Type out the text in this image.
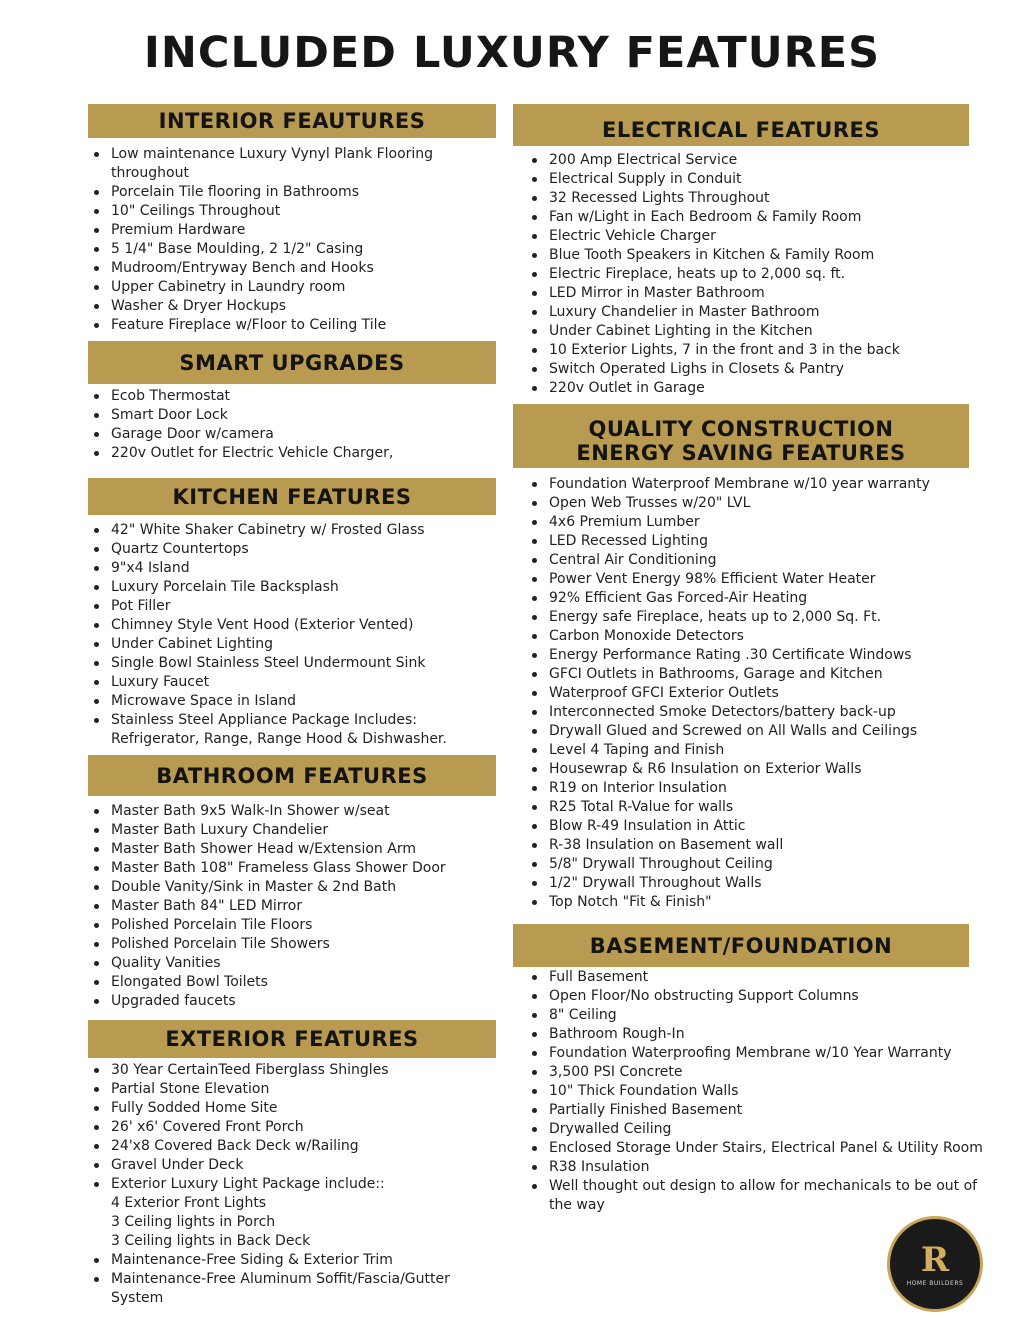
INCLUDED LUXURY FEATURES
INTERIOR FEAUTURES
Low maintenance Luxury Vynyl Plank Flooring
throughout
Porcelain Tile flooring in Bathrooms
10" Ceilings Throughout
Premium Hardware
5 1/4" Base Moulding, 2 1/2" Casing
Mudroom/Entryway Bench and Hooks
Upper Cabinetry in Laundry room
Washer & Dryer Hockups
Feature Fireplace w/Floor to Ceiling Tile
SMART UPGRADES
Ecob Thermostat
Smart Door Lock
Garage Door w/camera
220v Outlet for Electric Vehicle Charger,
KITCHEN FEATURES
42" White Shaker Cabinetry w/ Frosted Glass
Quartz Countertops
9"x4 Island
Luxury Porcelain Tile Backsplash
Pot Filler
Chimney Style Vent Hood (Exterior Vented)
Under Cabinet Lighting
Single Bowl Stainless Steel Undermount Sink
Luxury Faucet
Microwave Space in Island
Stainless Steel Appliance Package Includes:
Refrigerator, Range, Range Hood & Dishwasher.
BATHROOM FEATURES
Master Bath 9x5 Walk-In Shower w/seat
Master Bath Luxury Chandelier
Master Bath Shower Head w/Extension Arm
Master Bath 108" Frameless Glass Shower Door
Double Vanity/Sink in Master & 2nd Bath
Master Bath 84" LED Mirror
Polished Porcelain Tile Floors
Polished Porcelain Tile Showers
Quality Vanities
Elongated Bowl Toilets
Upgraded faucets
EXTERIOR FEATURES
30 Year CertainTeed Fiberglass Shingles
Partial Stone Elevation
Fully Sodded Home Site
26' x6' Covered Front Porch
24'x8 Covered Back Deck w/Railing
Gravel Under Deck
Exterior Luxury Light Package include::
4 Exterior Front Lights
3 Ceiling lights in Porch
3 Ceiling lights in Back Deck
Maintenance-Free Siding & Exterior Trim
Maintenance-Free Aluminum Soffit/Fascia/Gutter
System
ELECTRICAL FEATURES
200 Amp Electrical Service
Electrical Supply in Conduit
32 Recessed Lights Throughout
Fan w/Light in Each Bedroom & Family Room
Electric Vehicle Charger
Blue Tooth Speakers in Kitchen & Family Room
Electric Fireplace, heats up to 2,000 sq. ft.
LED Mirror in Master Bathroom
Luxury Chandelier in Master Bathroom
Under Cabinet Lighting in the Kitchen
10 Exterior Lights, 7 in the front and 3 in the back
Switch Operated Lighs in Closets & Pantry
220v Outlet in Garage
QUALITY CONSTRUCTION
ENERGY SAVING FEATURES
Foundation Waterproof Membrane w/10 year warranty
Open Web Trusses w/20" LVL
4x6 Premium Lumber
LED Recessed Lighting
Central Air Conditioning
Power Vent Energy 98% Efficient Water Heater
92% Efficient Gas Forced-Air Heating
Energy safe Fireplace, heats up to 2,000 Sq. Ft.
Carbon Monoxide Detectors
Energy Performance Rating .30 Certificate Windows
GFCI Outlets in Bathrooms, Garage and Kitchen
Waterproof GFCI Exterior Outlets
Interconnected Smoke Detectors/battery back-up
Drywall Glued and Screwed on All Walls and Ceilings
Level 4 Taping and Finish
Housewrap & R6 Insulation on Exterior Walls
R19 on Interior Insulation
R25 Total R-Value for walls
Blow R-49 Insulation in Attic
R-38 Insulation on Basement wall
5/8" Drywall Throughout Ceiling
1/2" Drywall Throughout Walls
Top Notch "Fit & Finish"
BASEMENT/FOUNDATION
Full Basement
Open Floor/No obstructing Support Columns
8" Ceiling
Bathroom Rough-In
Foundation Waterproofing Membrane w/10 Year Warranty
3,500 PSI Concrete
10" Thick Foundation Walls
Partially Finished Basement
Drywalled Ceiling
Enclosed Storage Under Stairs, Electrical Panel & Utility Room
R38 Insulation
Well thought out design to allow for mechanicals to be out of
the way
R
HOME BUILDERS
